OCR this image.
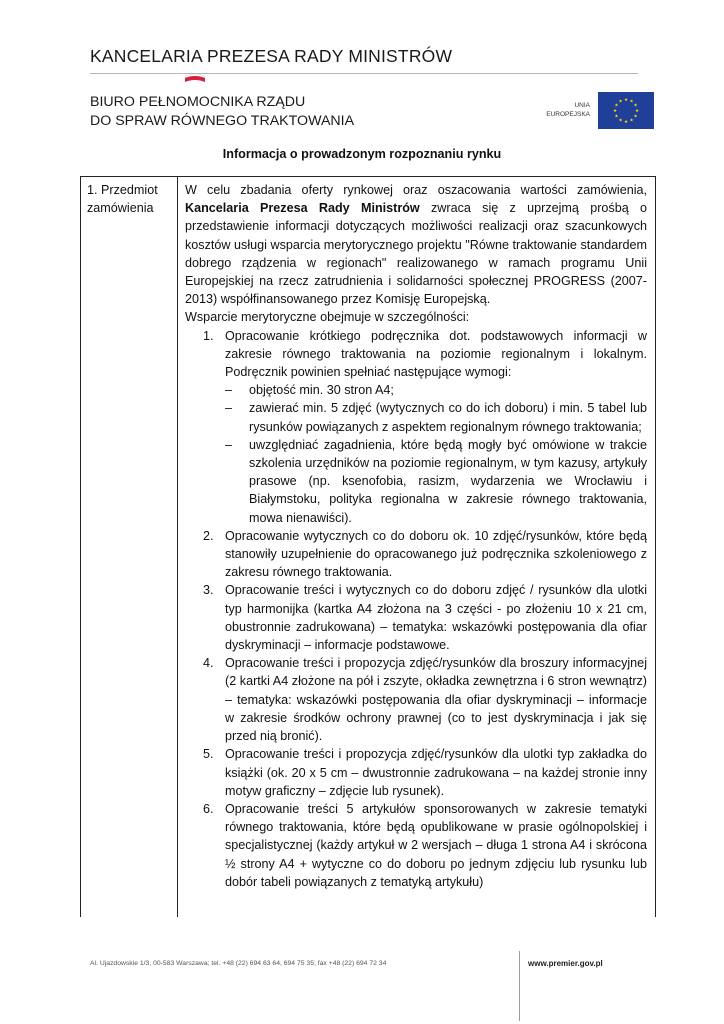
KANCELARIA PREZESA RADY MINISTRÓW
BIURO PEŁNOMOCNIKA RZĄDU
DO SPRAW RÓWNEGO TRAKTOWANIA
UNIA
EUROPEJSKA
★ ★
★
★
★
★
★
★
★
★
★
★
Informacja o prowadzonym rozpoznaniu rynku
1. Przedmiot zamówienia

W celu zbadania oferty rynkowej oraz oszacowania wartości zamówienia, Kancelaria Prezesa Rady Ministrów zwraca się z uprzejmą prośbą o przedstawienie informacji dotyczących możliwości realizacji oraz szacunkowych kosztów usługi wsparcia merytorycznego projektu "Równe traktowanie standardem dobrego rządzenia w regionach" realizowanego w ramach programu Unii Europejskiej na rzecz zatrudnienia i solidarności społecznej PROGRESS (2007-2013) współfinansowanego przez Komisję Europejską.

Wsparcie merytoryczne obejmuje w szczególności:

1. Opracowanie krótkiego podręcznika dot. podstawowych informacji w zakresie równego traktowania na poziomie regionalnym i lokalnym. Podręcznik powinien spełniać następujące wymogi:
– objętość min. 30 stron A4;
– zawierać min. 5 zdjęć (wytycznych co do ich doboru) i min. 5 tabel lub rysunków powiązanych z aspektem regionalnym równego traktowania;
– uwzględniać zagadnienia, które będą mogły być omówione w trakcie szkolenia urzędników na poziomie regionalnym, w tym kazusy, artykuły prasowe (np. ksenofobia, rasizm, wydarzenia we Wrocławiu i Białymstoku, polityka regionalna w zakresie równego traktowania, mowa nienawiści).
2. Opracowanie wytycznych co do doboru ok. 10 zdjęć/rysunków, które będą stanowiły uzupełnienie do opracowanego już podręcznika szkoleniowego z zakresu równego traktowania.
3. Opracowanie treści i wytycznych co do doboru zdjęć / rysunków dla ulotki typ harmonijka (kartka A4 złożona na 3 części - po złożeniu 10 x 21 cm, obustronnie zadrukowana) – tematyka: wskazówki postępowania dla ofiar dyskryminacji – informacje podstawowe.
4. Opracowanie treści i propozycja zdjęć/rysunków dla broszury informacyjnej (2 kartki A4 złożone na pół i zszyte, okładka zewnętrzna i 6 stron wewnątrz) – tematyka: wskazówki postępowania dla ofiar dyskryminacji – informacje w zakresie środków ochrony prawnej (co to jest dyskryminacja i jak się przed nią bronić).
5. Opracowanie treści i propozycja zdjęć/rysunków dla ulotki typ zakładka do książki (ok. 20 x 5 cm – dwustronnie zadrukowana – na każdej stronie inny motyw graficzny – zdjęcie lub rysunek).
6. Opracowanie treści 5 artykułów sponsorowanych w zakresie tematyki równego traktowania, które będą opublikowane w prasie ogólnopolskiej i specjalistycznej (każdy artykuł w 2 wersjach – długa 1 strona A4 i skrócona ½ strony A4 + wytyczne co do doboru po jednym zdjęciu lub rysunku lub dobór tabeli powiązanych z tematyką artykułu)
Al. Ujazdowskie 1/3, 00-583 Warszawa; tel. +48 (22) 694 63 64, 694 75 35; fax +48 (22) 694 72 34	www.premier.gov.pl
